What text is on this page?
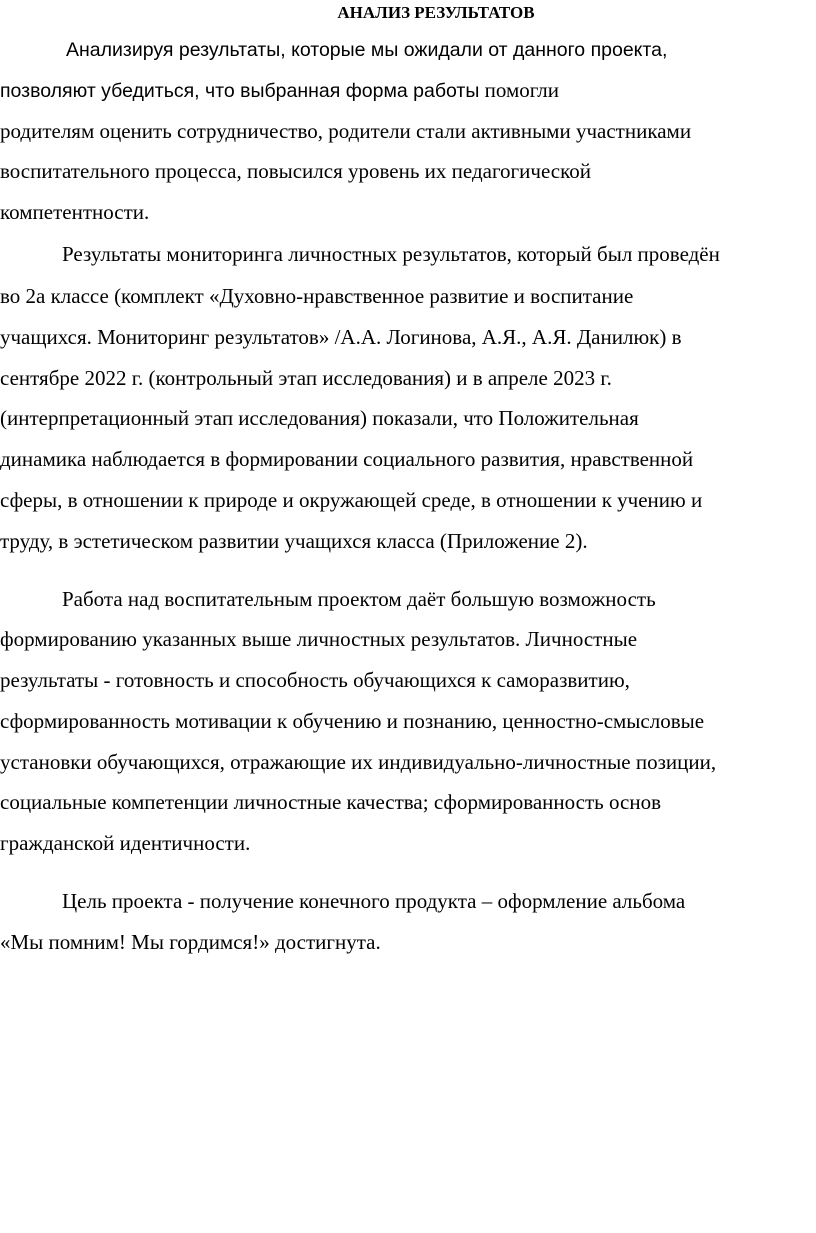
АНАЛИЗ РЕЗУЛЬТАТОВ
Анализируя результаты, которые мы ожидали от данного проекта,
позволяют убедиться, что выбранная форма работы помогли
родителям оценить сотрудничество, родители стали активными участниками
воспитательного процесса, повысился уровень их педагогической
компетентности.
Результаты мониторинга личностных результатов, который был проведён
во 2а классе (комплект «Духовно-нравственное развитие и воспитание
учащихся. Мониторинг результатов» /А.А. Логинова, А.Я., А.Я. Данилюк) в
сентябре 2022 г. (контрольный этап исследования) и в апреле 2023 г.
(интерпретационный этап исследования) показали, что Положительная
динамика наблюдается в формировании социального развития, нравственной
сферы, в отношении к природе и окружающей среде, в отношении к учению и
труду, в эстетическом развитии учащихся класса (Приложение 2).
Работа над воспитательным проектом даёт большую возможность
формированию указанных выше личностных результатов. Личностные
результаты - готовность и способность обучающихся к саморазвитию,
сформированность мотивации к обучению и познанию, ценностно-смысловые
установки обучающихся, отражающие их индивидуально-личностные позиции,
социальные компетенции личностные качества; сформированность основ
гражданской идентичности.
Цель проекта - получение конечного продукта – оформление альбома
«Мы помним! Мы гордимся!» достигнута.
